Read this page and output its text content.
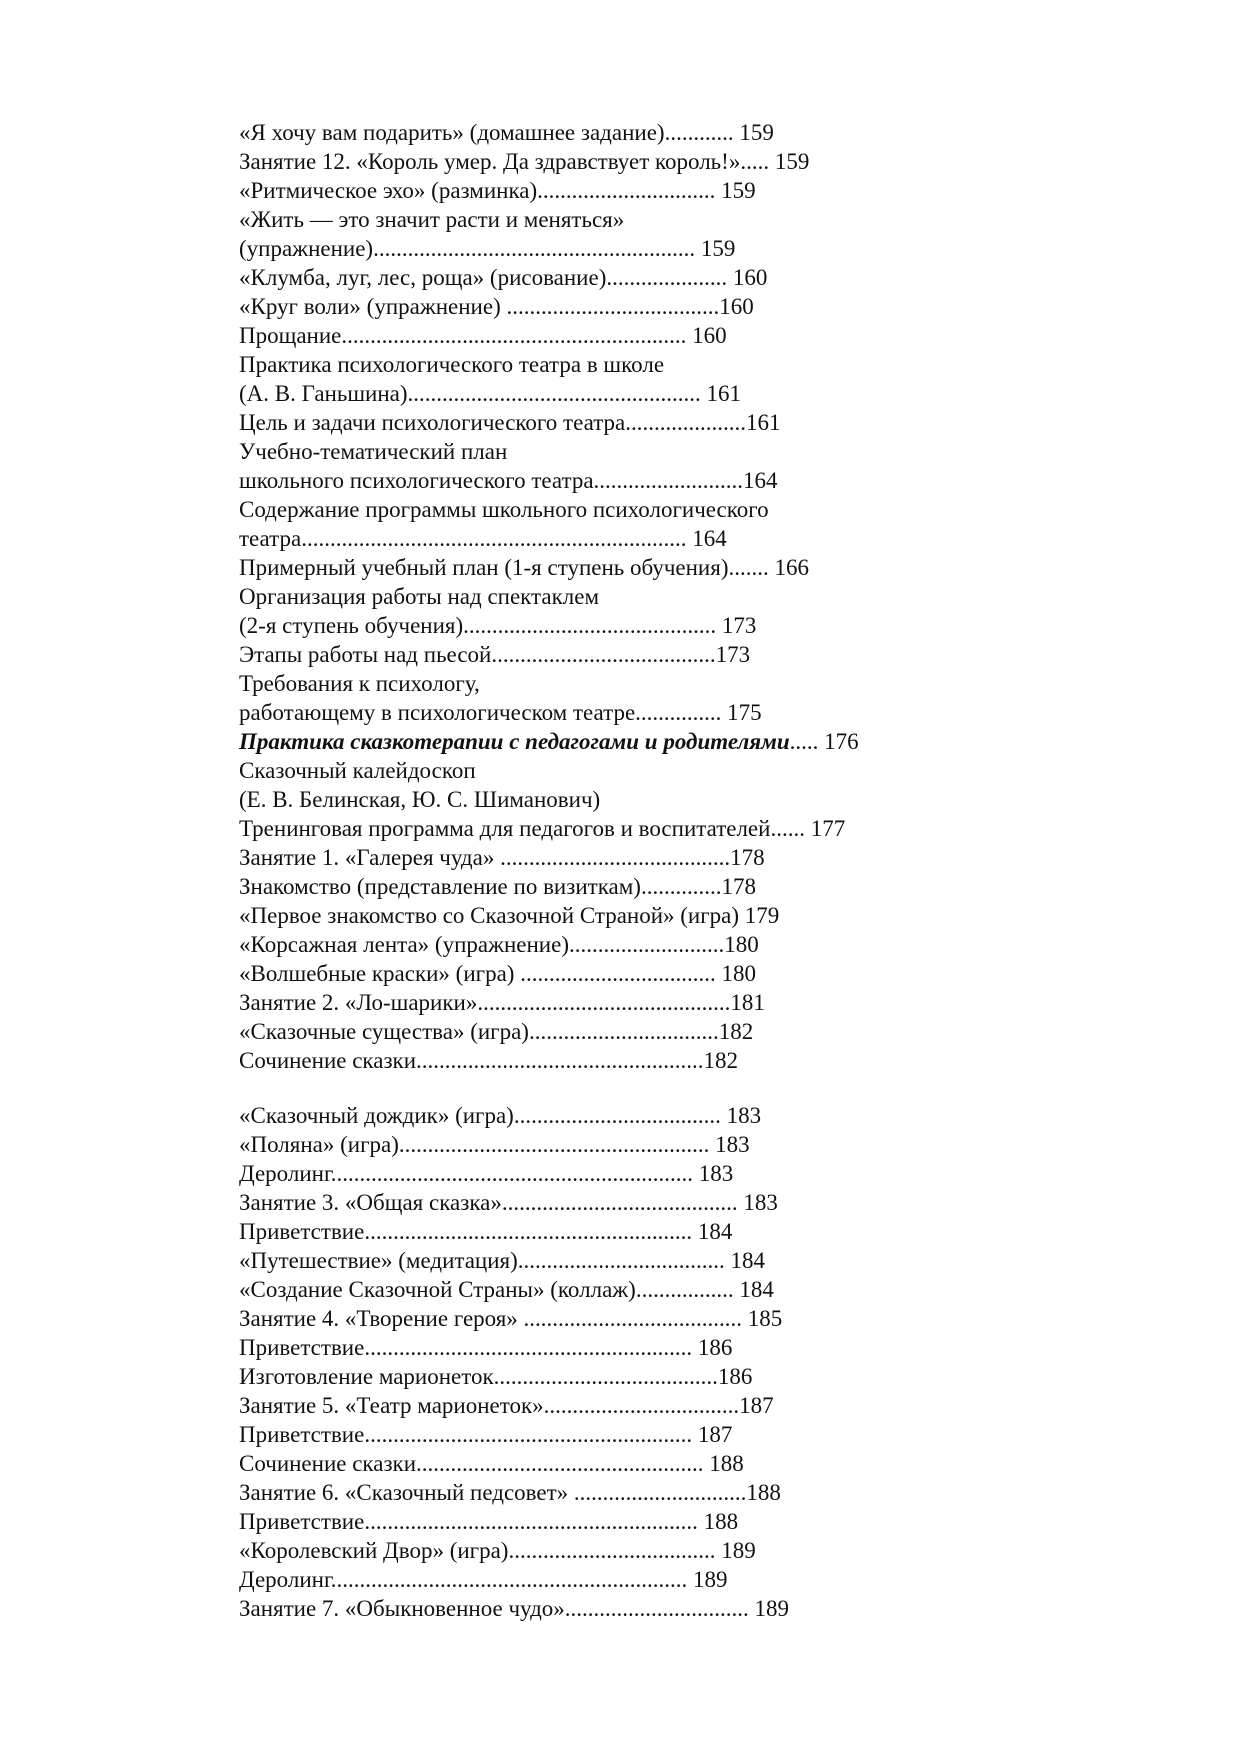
«Я хочу вам подарить» (домашнее задание)............ 159
Занятие 12. «Король умер. Да здравствует король!»..... 159
«Ритмическое эхо» (разминка)............................... 159
«Жить — это значит расти и меняться»
(упражнение)........................................................ 159
«Клумба, луг, лес, роща» (рисование)..................... 160
«Круг воли» (упражнение) .....................................160
Прощание............................................................ 160
Практика психологического театра в школе
(А. В. Ганьшина)................................................... 161
Цель и задачи психологического театра.....................161
Учебно-тематический план
школьного психологического театра..........................164
Содержание программы школьного психологического
театра................................................................... 164
Примерный учебный план (1-я ступень обучения)....... 166
Организация работы над спектаклем
(2-я ступень обучения)............................................ 173
Этапы работы над пьесой.......................................173
Требования к психологу,
работающему в психологическом театре............... 175
Практика сказкотерапии с педагогами и родителями..... 176
Сказочный калейдоскоп
(Е. В. Белинская, Ю. С. Шиманович)
Тренинговая программа для педагогов и воспитателей...... 177
Занятие 1. «Галерея чуда» ........................................178
Знакомство (представление по визиткам)..............178
«Первое знакомство со Сказочной Страной» (игра) 179
«Корсажная лента» (упражнение)...........................180
«Волшебные краски» (игра) .................................. 180
Занятие 2. «Ло-шарики»............................................181
«Сказочные существа» (игра).................................182
Сочинение сказки..................................................182
«Сказочный дождик» (игра).................................... 183
«Поляна» (игра)...................................................... 183
Деролинг............................................................... 183
Занятие 3. «Общая сказка»......................................... 183
Приветствие......................................................... 184
«Путешествие» (медитация).................................... 184
«Создание Сказочной Страны» (коллаж)................. 184
Занятие 4. «Творение героя» ...................................... 185
Приветствие......................................................... 186
Изготовление марионеток.......................................186
Занятие 5. «Театр марионеток»..................................187
Приветствие......................................................... 187
Сочинение сказки.................................................. 188
Занятие 6. «Сказочный педсовет» ..............................188
Приветствие.......................................................... 188
«Королевский Двор» (игра).................................... 189
Деролинг.............................................................. 189
Занятие 7. «Обыкновенное чудо»................................ 189
